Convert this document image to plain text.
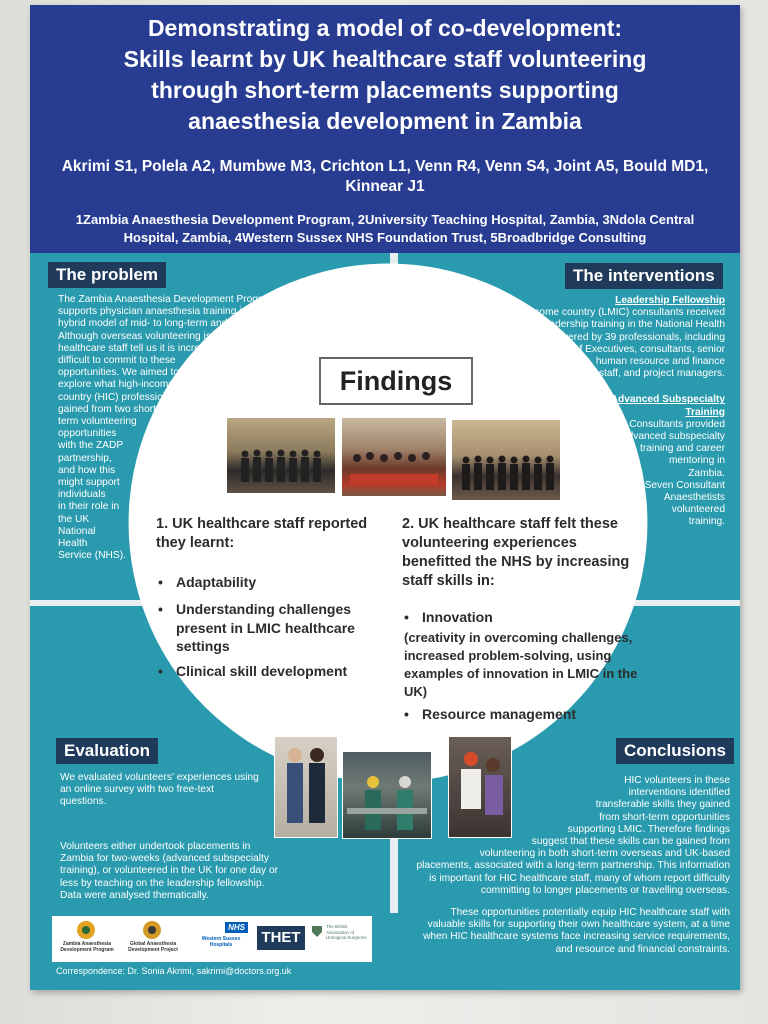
Demonstrating a model of co-development:
Skills learnt by UK healthcare staff volunteering
through short-term placements supporting
anaesthesia development in Zambia
Akrimi S1, Polela A2, Mumbwe M3, Crichton L1, Venn R4, Venn S4, Joint A5, Bould MD1,
Kinnear J1
1Zambia Anaesthesia Development Program, 2University Teaching Hospital, Zambia, 3Ndola Central
Hospital, Zambia, 4Western Sussex NHS Foundation Trust, 5Broadbridge Consulting
The problem
The Zambia Anaesthesia Development Program (ZADP)
supports physician anaesthesia training in Zambia through a
hybrid model of mid- to long-term and short-term volunteers.
Although overseas volunteering is popular, UK
healthcare staff tell us it is increasingly
difficult to commit to these
opportunities. We aimed to
explore what high-income
country (HIC) professionals
gained from two short-
term volunteering
opportunities
with the ZADP
partnership,
and how this
might support
individuals
in their role in
the UK
National
Health
Service (NHS).
The interventions
Leadership Fellowship
Low and middle-income country (LMIC) consultants received
four-weeks of leadership training in the National Health
Service (UK) delivered by 39 professionals, including
hospital Chief Executives, consultants, senior
nurses, human resource and finance
staff, and project managers.
Advanced Subspecialty
Training
UK Consultants provided
advanced subspecialty
training and career
mentoring in
Zambia.
Seven Consultant
Anaesthetists
volunteered
training.
Findings
1. UK healthcare staff reported they learnt:
• Adaptability
• Understanding challenges present in LMIC healthcare settings
• Clinical skill development
2. UK healthcare staff felt these volunteering experiences benefitted the NHS by increasing staff skills in:
• Innovation
(creativity in overcoming challenges, increased problem-solving, using examples of innovation in LMIC in the UK)
• Resource management
Evaluation
We evaluated volunteers' experiences using an online survey with two free-text questions.
Volunteers either undertook placements in Zambia for two-weeks (advanced subspecialty training), or volunteered in the UK for one day or less by teaching on the leadership fellowship. Data were analysed thematically.
Conclusions
HIC volunteers in these
interventions identified
transferable skills they gained
from short-term opportunities
supporting LMIC. Therefore findings
suggest that these skills can be gained from
volunteering in both short-term overseas and UK-based
placements, associated with a long-term partnership. This information
is important for HIC healthcare staff, many of whom report difficulty
committing to longer placements or travelling overseas.
These opportunities potentially equip HIC healthcare staff with
valuable skills for supporting their own healthcare system, at a time
when HIC healthcare systems face increasing service requirements,
and resource and financial constraints.
Zambia Anaesthesia Development Program
Global Anaesthesia Development Project
NHS
Western Sussex Hospitals	THET
The British Association of Urological Surgeons
Correspondence: Dr. Sonia Akrimi, sakrimi@doctors.org.uk
